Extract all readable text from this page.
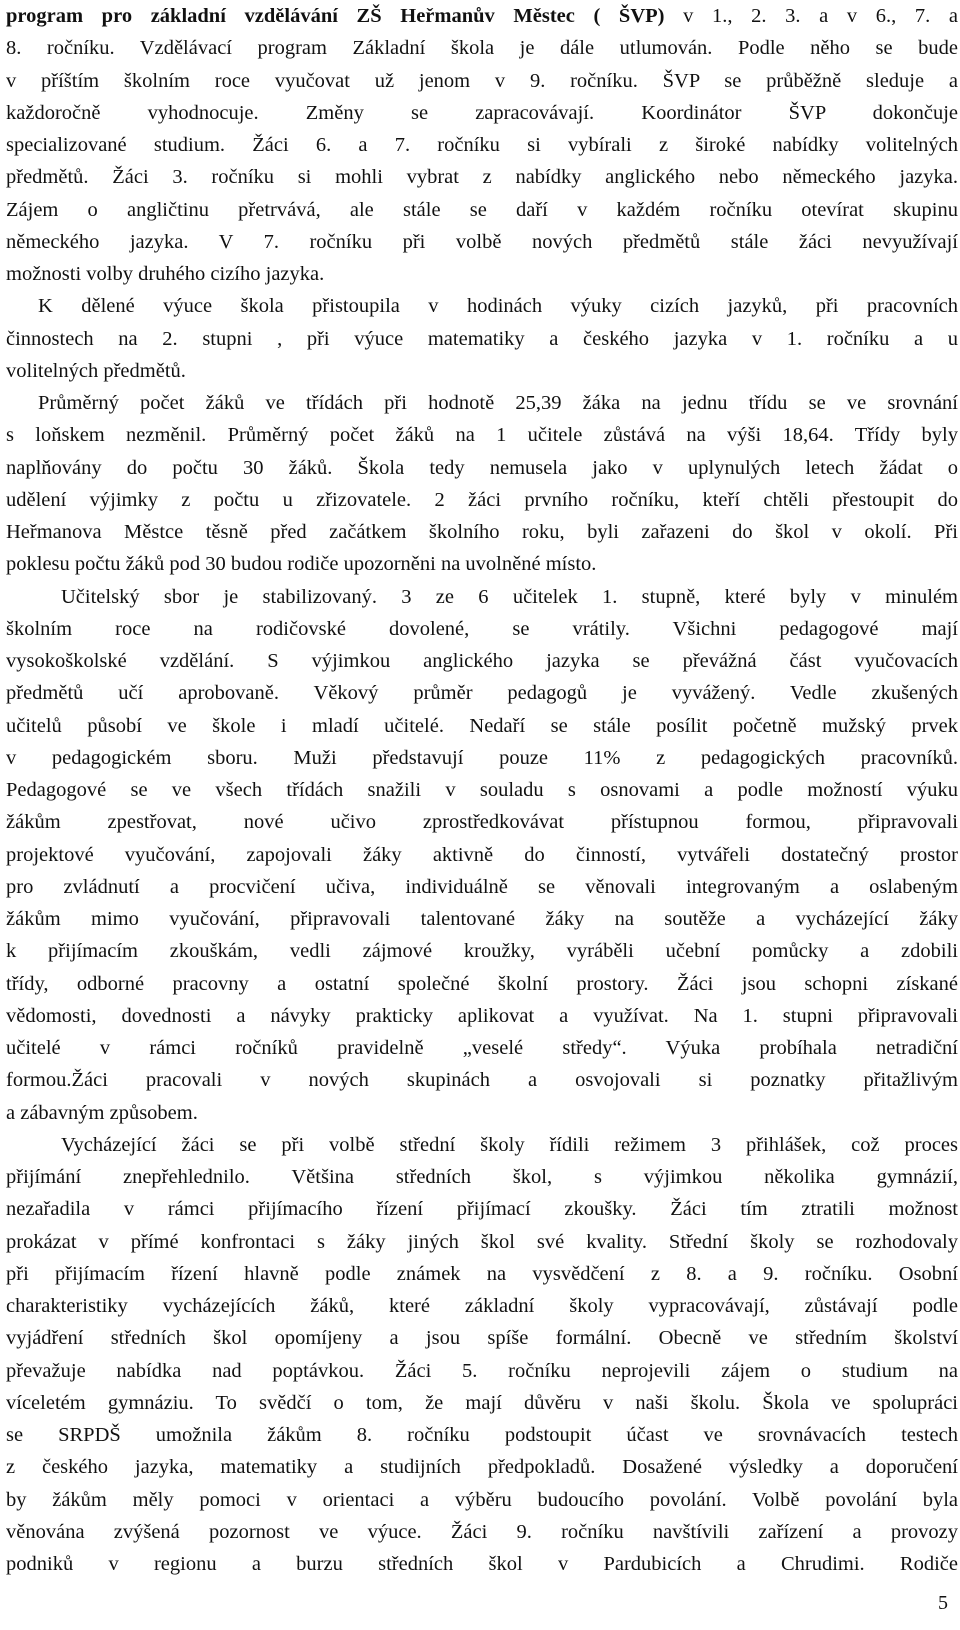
program pro základní vzdělávání ZŠ Heřmanův Městec ( ŠVP) v 1., 2. 3. a v 6., 7. a
8. ročníku. Vzdělávací program Základní škola je dále utlumován. Podle něho se bude
v příštím školním roce vyučovat už jenom v 9. ročníku. ŠVP se průběžně sleduje a
každoročně vyhodnocuje. Změny se zapracovávají. Koordinátor ŠVP dokončuje
specializované studium. Žáci 6. a 7. ročníku si vybírali z široké nabídky volitelných
předmětů. Žáci 3. ročníku si mohli vybrat z nabídky anglického nebo německého jazyka.
Zájem o angličtinu přetrvává, ale stále se daří v každém ročníku otevírat skupinu
německého jazyka. V 7. ročníku při volbě nových předmětů stále žáci nevyužívají
možnosti volby druhého cizího jazyka.
K dělené výuce škola přistoupila v hodinách výuky cizích jazyků, při pracovních
činnostech na 2. stupni , při výuce matematiky a českého jazyka v 1. ročníku a u
volitelných předmětů.
Průměrný počet žáků ve třídách při hodnotě 25,39 žáka na jednu třídu se ve srovnání
s loňskem nezměnil. Průměrný počet žáků na 1 učitele zůstává na výši 18,64. Třídy byly
naplňovány do počtu 30 žáků. Škola tedy nemusela jako v uplynulých letech žádat o
udělení výjimky z počtu u zřizovatele. 2 žáci prvního ročníku, kteří chtěli přestoupit do
Heřmanova Městce těsně před začátkem školního roku, byli zařazeni do škol v okolí. Při
poklesu počtu žáků pod 30 budou rodiče upozorněni na uvolněné místo.
Učitelský sbor je stabilizovaný. 3 ze 6 učitelek 1. stupně, které byly v minulém
školním roce na rodičovské dovolené, se vrátily. Všichni pedagogové mají
vysokoškolské vzdělání. S výjimkou anglického jazyka se převážná část vyučovacích
předmětů učí aprobovaně. Věkový průměr pedagogů je vyvážený. Vedle zkušených
učitelů působí ve škole i mladí učitelé. Nedaří se stále posílit početně mužský prvek
v pedagogickém sboru. Muži představují pouze 11% z pedagogických pracovníků.
Pedagogové se ve všech třídách snažili v souladu s osnovami a podle možností výuku
žákům zpestřovat, nové učivo zprostředkovávat přístupnou formou, připravovali
projektové vyučování, zapojovali žáky aktivně do činností, vytvářeli dostatečný prostor
pro zvládnutí a procvičení učiva, individuálně se věnovali integrovaným a oslabeným
žákům mimo vyučování, připravovali talentované žáky na soutěže a vycházející žáky
k přijímacím zkouškám, vedli zájmové kroužky, vyráběli učební pomůcky a zdobili
třídy, odborné pracovny a ostatní společné školní prostory. Žáci jsou schopni získané
vědomosti, dovednosti a návyky prakticky aplikovat a využívat. Na 1. stupni připravovali
učitelé v rámci ročníků pravidelně „veselé středy“. Výuka probíhala netradiční
formou.Žáci pracovali v nových skupinách a osvojovali si poznatky přitažlivým
a zábavným způsobem.
Vycházející žáci se při volbě střední školy řídili režimem 3 přihlášek, což proces
přijímání znepřehlednilo. Většina středních škol, s výjimkou několika gymnázií,
nezařadila v rámci přijímacího řízení přijímací zkoušky. Žáci tím ztratili možnost
prokázat v přímé konfrontaci s žáky jiných škol své kvality. Střední školy se rozhodovaly
při přijímacím řízení hlavně podle známek na vysvědčení z 8. a 9. ročníku. Osobní
charakteristiky vycházejících žáků, které základní školy vypracovávají, zůstávají podle
vyjádření středních škol opomíjeny a jsou spíše formální. Obecně ve středním školství
převažuje nabídka nad poptávkou. Žáci 5. ročníku neprojevili zájem o studium na
víceletém gymnáziu. To svědčí o tom, že mají důvěru v naši školu. Škola ve spolupráci
se SRPDŠ umožnila žákům 8. ročníku podstoupit účast ve srovnávacích testech
z českého jazyka, matematiky a studijních předpokladů. Dosažené výsledky a doporučení
by žákům měly pomoci v orientaci a výběru budoucího povolání. Volbě povolání byla
věnována zvýšená pozornost ve výuce. Žáci 9. ročníku navštívili zařízení a provozy
podniků v regionu a burzu středních škol v Pardubicích a Chrudimi. Rodiče
5
